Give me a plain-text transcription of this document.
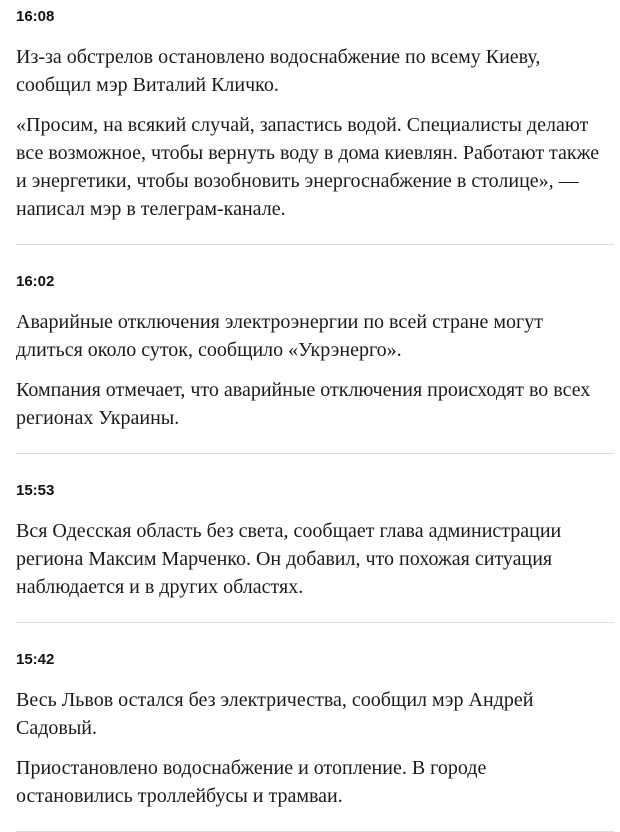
16:08

Из-за обстрелов остановлено водоснабжение по всему Киеву, сообщил мэр Виталий Кличко.

«Просим, на всякий случай, запастись водой. Специалисты делают все возможное, чтобы вернуть воду в дома киевлян. Работают также и энергетики, чтобы возобновить энергоснабжение в столице», — написал мэр в телеграм-канале.

16:02

Аварийные отключения электроэнергии по всей стране могут длиться около суток, сообщило «Укрэнерго».

Компания отмечает, что аварийные отключения происходят во всех регионах Украины.

15:53

Вся Одесская область без света, сообщает глава администрации региона Максим Марченко. Он добавил, что похожая ситуация наблюдается и в других областях.

15:42

Весь Львов остался без электричества, сообщил мэр Андрей Садовый.

Приостановлено водоснабжение и отопление. В городе остановились троллейбусы и трамваи.
